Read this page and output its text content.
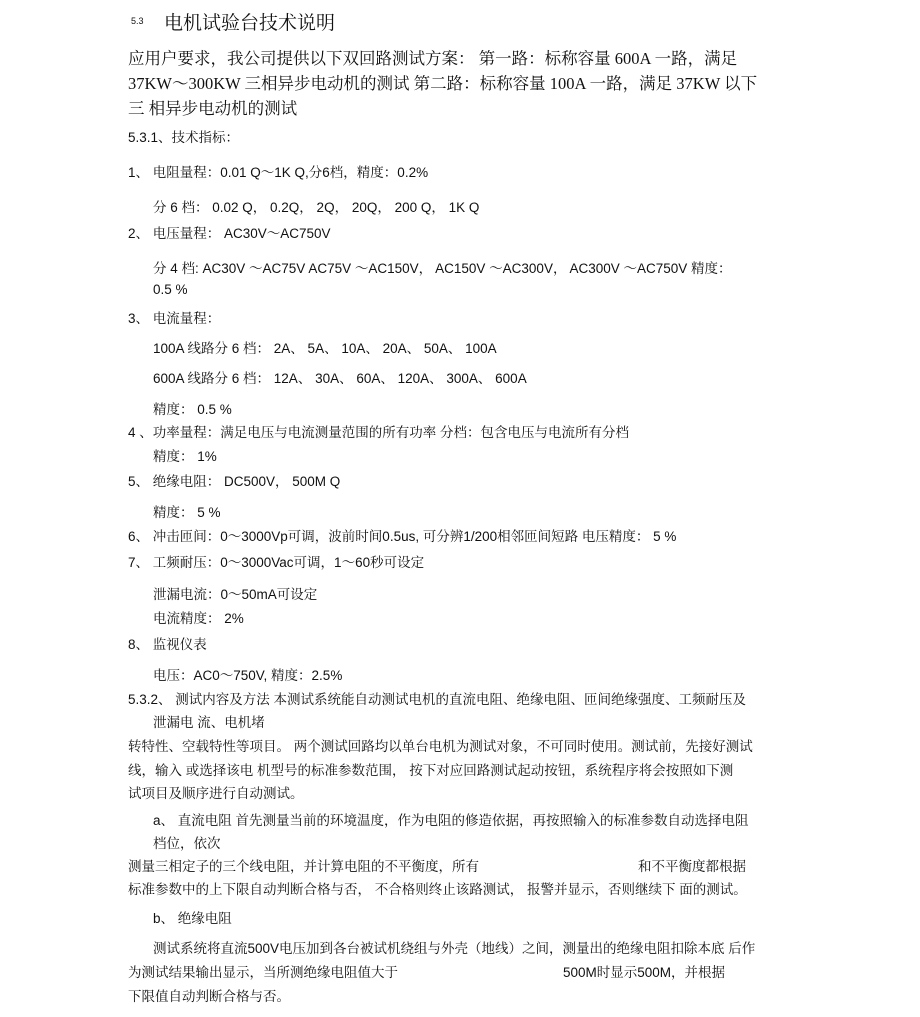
5.3 电机试验台技术说明
应用户要求，我公司提供以下双回路测试方案： 第一路：标称容量 600A 一路，满足
37KW～300KW 三相异步电动机的测试 第二路：标称容量 100A 一路，满足 37KW 以下
三 相异步电动机的测试
5.3.1、技术指标：
1、 电阻量程：0.01 Q～1K Q,分6档，精度：0.2%
分 6 档： 0.02 Q， 0.2Q， 2Q， 20Q， 200 Q， 1K Q
2、 电压量程： AC30V～AC750V
分 4 档: AC30V ～AC75V AC75V ～AC150V， AC150V ～AC300V， AC300V ～AC750V 精度：
0.5 %
3、 电流量程：
100A 线路分 6 档： 2A、 5A、 10A、 20A、 50A、 100A
600A 线路分 6 档： 12A、 30A、 60A、 120A、 300A、 600A
精度： 0.5 %
4 、功率量程：满足电压与电流测量范围的所有功率 分档：包含电压与电流所有分档
精度： 1%
5、 绝缘电阻： DC500V， 500M Q
精度： 5 %
6、 冲击匝间：0～3000Vp可调，波前时间0.5us, 可分辨1/200相邻匝间短路 电压精度： 5 %
7、 工频耐压：0～3000Vac可调，1～60秒可设定
泄漏电流：0～50mA可设定
电流精度： 2%
8、 监视仪表
电压：AC0～750V, 精度：2.5%
5.3.2、 测试内容及方法 本测试系统能自动测试电机的直流电阻、绝缘电阻、匝间绝缘强度、工频耐压及
泄漏电 流、电机堵
转特性、空载特性等项目。 两个测试回路均以单台电机为测试对象，不可同时使用。测试前，先接好测试
线，输入 或选择该电 机型号的标准参数范围， 按下对应回路测试起动按钮，系统程序将会按照如下测
试项目及顺序进行自动测试。
a、 直流电阻 首先测量当前的环境温度，作为电阻的修造依据，再按照输入的标准参数自动选择电阻
档位，依次
测量三相定子的三个线电阻，并计算电阻的不平衡度，所有	和不平衡度都根据
标准参数中的上下限自动判断合格与否， 不合格则终止该路测试， 报警并显示，否则继续下 面的测试。
b、 绝缘电阻
测试系统将直流500V电压加到各台被试机绕组与外壳（地线）之间，测量出的绝缘电阻扣除本底 后作
为测试结果输出显示，当所测绝缘电阻值大于	500M时显示500M，并根据
下限值自动判断合格与否。
